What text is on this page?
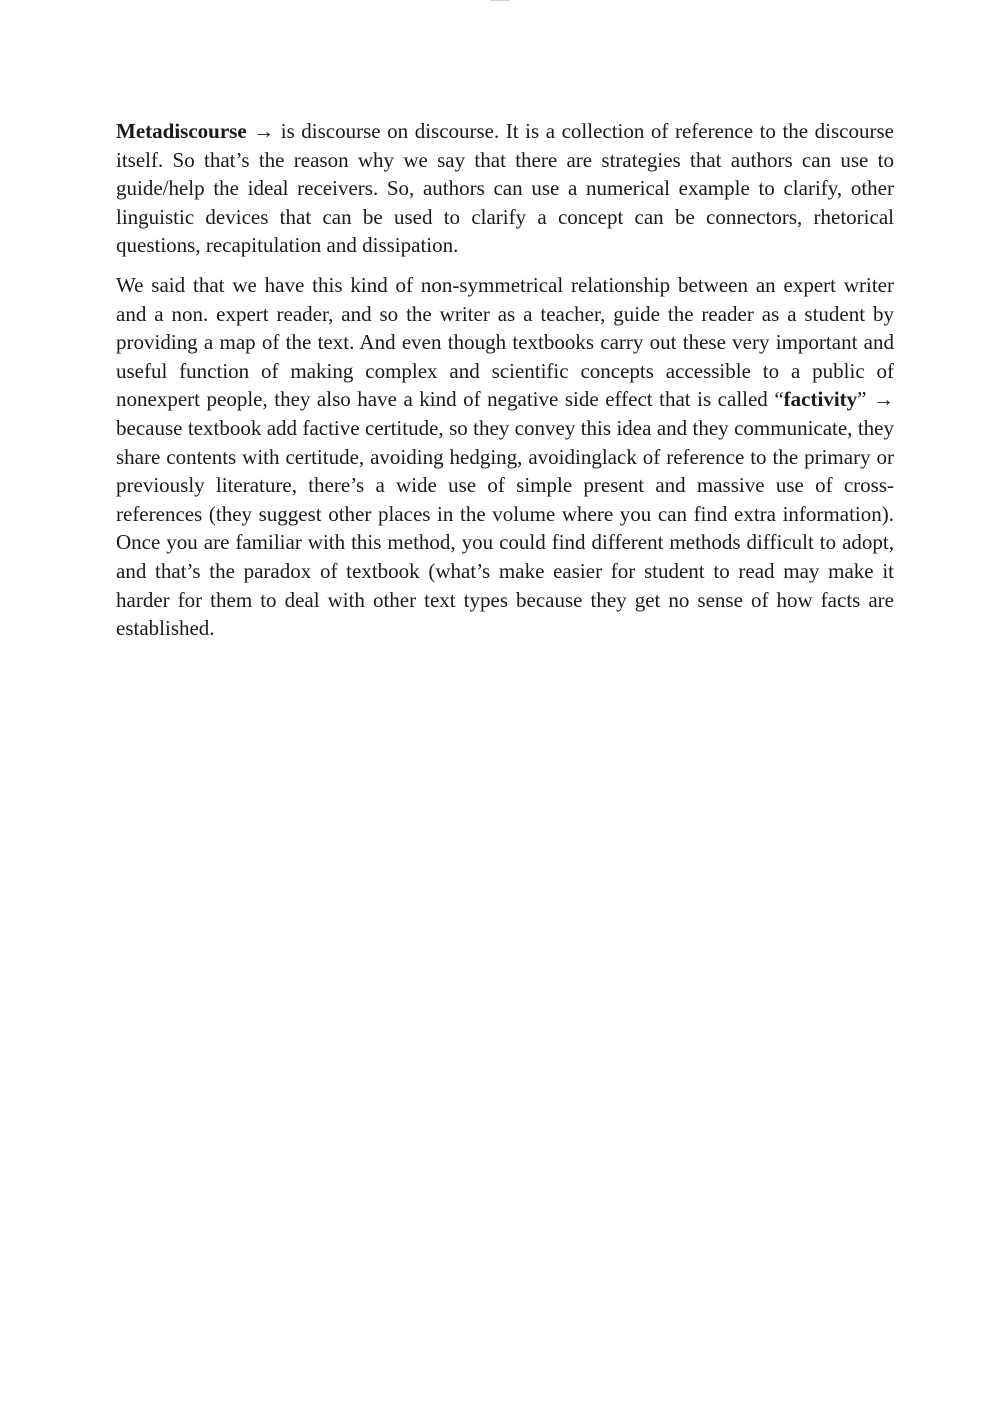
Metadiscourse → is discourse on discourse. It is a collection of reference to the discourse itself. So that’s the reason why we say that there are strategies that authors can use to guide/help the ideal receivers. So, authors can use a numerical example to clarify, other linguistic devices that can be used to clarify a concept can be connectors, rhetorical questions, recapitulation and dissipation.

We said that we have this kind of non-symmetrical relationship between an expert writer and a non. expert reader, and so the writer as a teacher, guide the reader as a student by providing a map of the text. And even though textbooks carry out these very important and useful function of making complex and scientific concepts accessible to a public of nonexpert people, they also have a kind of negative side effect that is called “factivity” → because textbook add factive certitude, so they convey this idea and they communicate, they share contents with certitude, avoiding hedging, avoidinglack of reference to the primary or previously literature, there’s a wide use of simple present and massive use of cross-references (they suggest other places in the volume where you can find extra information). Once you are familiar with this method, you could find different methods difficult to adopt, and that’s the paradox of textbook (what’s make easier for student to read may make it harder for them to deal with other text types because they get no sense of how facts are established.
